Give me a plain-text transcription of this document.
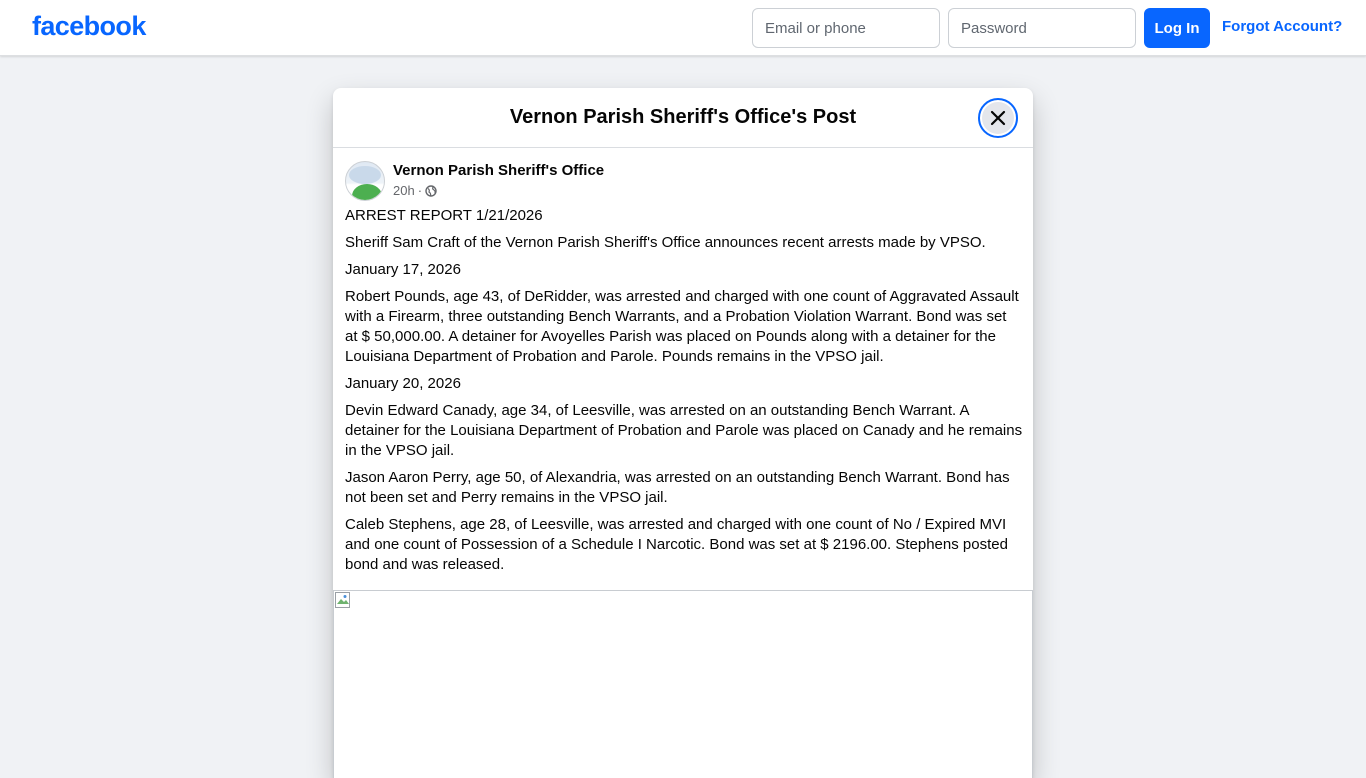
facebook
Email or phone	Log In	Forgot Account?
Vernon Parish Sheriff's Office's Post
Vernon Parish Sheriff's Office
20h ·

ARREST REPORT 1/21/2026

Sheriff Sam Craft of the Vernon Parish Sheriff's Office announces recent arrests made by VPSO.

January 17, 2026

Robert Pounds, age 43, of DeRidder, was arrested and charged with one count of Aggravated Assault with a Firearm, three outstanding Bench Warrants, and a Probation Violation Warrant. Bond was set at $ 50,000.00. A detainer for Avoyelles Parish was placed on Pounds along with a detainer for the Louisiana Department of Probation and Parole. Pounds remains in the VPSO jail.

January 20, 2026

Devin Edward Canady, age 34, of Leesville, was arrested on an outstanding Bench Warrant. A detainer for the Louisiana Department of Probation and Parole was placed on Canady and he remains in the VPSO jail.

Jason Aaron Perry, age 50, of Alexandria, was arrested on an outstanding Bench Warrant. Bond has not been set and Perry remains in the VPSO jail.

Caleb Stephens, age 28, of Leesville, was arrested and charged with one count of No / Expired MVI and one count of Possession of a Schedule I Narcotic. Bond was set at $ 2196.00. Stephens posted bond and was released.
